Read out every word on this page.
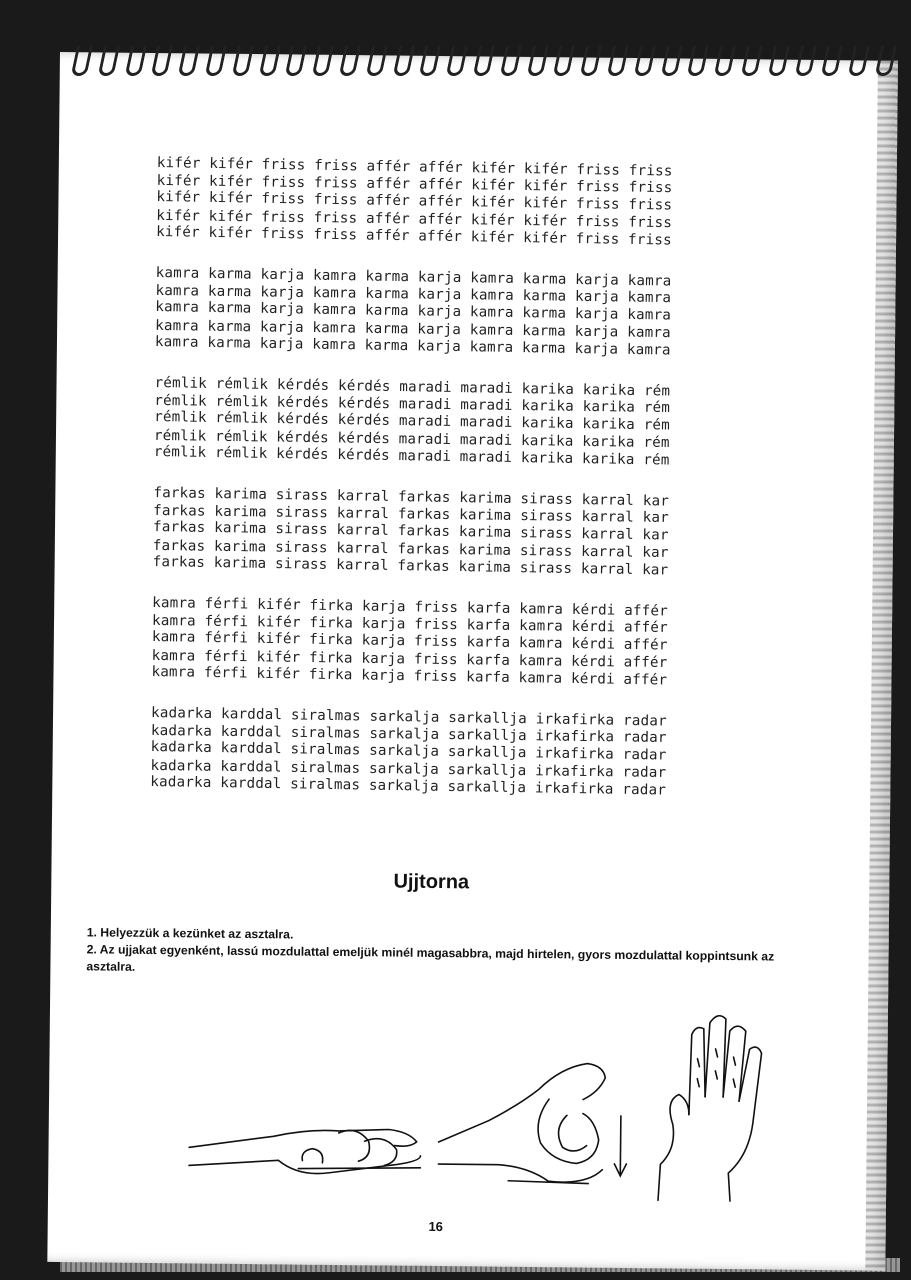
kifér kifér friss friss affér affér kifér kifér friss friss
kifér kifér friss friss affér affér kifér kifér friss friss
kifér kifér friss friss affér affér kifér kifér friss friss
kifér kifér friss friss affér affér kifér kifér friss friss
kifér kifér friss friss affér affér kifér kifér friss friss
kamra karma karja kamra karma karja kamra karma karja kamra
kamra karma karja kamra karma karja kamra karma karja kamra
kamra karma karja kamra karma karja kamra karma karja kamra
kamra karma karja kamra karma karja kamra karma karja kamra
kamra karma karja kamra karma karja kamra karma karja kamra
rémlik rémlik kérdés kérdés maradi maradi karika karika rém
rémlik rémlik kérdés kérdés maradi maradi karika karika rém
rémlik rémlik kérdés kérdés maradi maradi karika karika rém
rémlik rémlik kérdés kérdés maradi maradi karika karika rém
rémlik rémlik kérdés kérdés maradi maradi karika karika rém
farkas karima sirass karral farkas karima sirass karral kar
farkas karima sirass karral farkas karima sirass karral kar
farkas karima sirass karral farkas karima sirass karral kar
farkas karima sirass karral farkas karima sirass karral kar
farkas karima sirass karral farkas karima sirass karral kar
kamra férfi kifér firka karja friss karfa kamra kérdi affér
kamra férfi kifér firka karja friss karfa kamra kérdi affér
kamra férfi kifér firka karja friss karfa kamra kérdi affér
kamra férfi kifér firka karja friss karfa kamra kérdi affér
kamra férfi kifér firka karja friss karfa kamra kérdi affér
kadarka karddal siralmas sarkalja sarkallja irkafirka radar
kadarka karddal siralmas sarkalja sarkallja irkafirka radar
kadarka karddal siralmas sarkalja sarkallja irkafirka radar
kadarka karddal siralmas sarkalja sarkallja irkafirka radar
kadarka karddal siralmas sarkalja sarkallja irkafirka radar
Ujjtorna

1. Helyezzük a kezünket az asztalra.

2. Az ujjakat egyenként, lassú mozdulattal emeljük minél magasabbra, majd hirtelen, gyors mozdulattal koppintsunk az asztalra.

16
